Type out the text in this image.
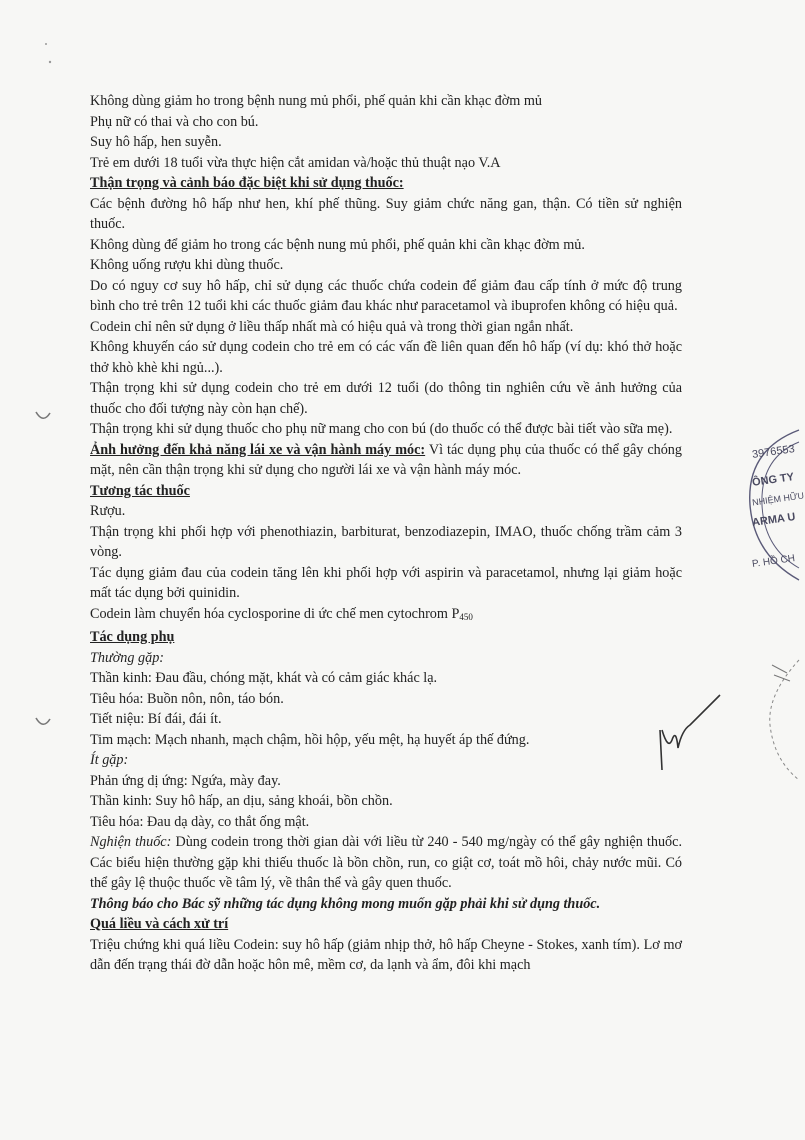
Không dùng giảm ho trong bệnh nung mủ phổi, phế quản khi cần khạc đờm mủ

Phụ nữ có thai và cho con bú.

Suy hô hấp, hen suyễn.

Trẻ em dưới 18 tuổi vừa thực hiện cắt amidan và/hoặc thủ thuật nạo V.A

Thận trọng và cảnh báo đặc biệt khi sử dụng thuốc:

Các bệnh đường hô hấp như hen, khí phế thũng. Suy giảm chức năng gan, thận. Có tiền sử nghiện thuốc.

Không dùng để giảm ho trong các bệnh nung mủ phổi, phế quản khi cần khạc đờm mủ.

Không uống rượu khi dùng thuốc.

Do có nguy cơ suy hô hấp, chỉ sử dụng các thuốc chứa codein để giảm đau cấp tính ở mức độ trung bình cho trẻ trên 12 tuổi khi các thuốc giảm đau khác như paracetamol và ibuprofen không có hiệu quả.

Codein chỉ nên sử dụng ở liều thấp nhất mà có hiệu quả và trong thời gian ngắn nhất.

Không khuyến cáo sử dụng codein cho trẻ em có các vấn đề liên quan đến hô hấp (ví dụ: khó thở hoặc thở khò khè khi ngủ...).

Thận trọng khi sử dụng codein cho trẻ em dưới 12 tuổi (do thông tin nghiên cứu về ảnh hưởng của thuốc cho đối tượng này còn hạn chế).

Thận trọng khi sử dụng thuốc cho phụ nữ mang cho con bú (do thuốc có thể được bài tiết vào sữa mẹ).

Ảnh hưởng đến khả năng lái xe và vận hành máy móc: Vì tác dụng phụ của thuốc có thể gây chóng mặt, nên cần thận trọng khi sử dụng cho người lái xe và vận hành máy móc.

Tương tác thuốc

Rượu.

Thận trọng khi phối hợp với phenothiazin, barbiturat, benzodiazepin, IMAO, thuốc chống trầm cảm 3 vòng.

Tác dụng giảm đau của codein tăng lên khi phối hợp với aspirin và paracetamol, nhưng lại giảm hoặc mất tác dụng bởi quinidin.

Codein làm chuyển hóa cyclosporine di ức chế men cytochrom $P_{450}$

Tác dụng phụ

Thường gặp:

Thần kinh: Đau đầu, chóng mặt, khát và có cảm giác khác lạ.

Tiêu hóa: Buồn nôn, nôn, táo bón.

Tiết niệu: Bí đái, đái ít.

Tim mạch: Mạch nhanh, mạch chậm, hồi hộp, yếu mệt, hạ huyết áp thế đứng.

Ít gặp:

Phản ứng dị ứng: Ngứa, mày đay.

Thần kinh: Suy hô hấp, an dịu, sảng khoái, bồn chồn.

Tiêu hóa: Đau dạ dày, co thắt ống mật.

Nghiện thuốc: Dùng codein trong thời gian dài với liều từ 240 - 540 mg/ngày có thể gây nghiện thuốc. Các biểu hiện thường gặp khi thiếu thuốc là bồn chồn, run, co giật cơ, toát mồ hôi, chảy nước mũi. Có thể gây lệ thuộc thuốc về tâm lý, về thân thể và gây quen thuốc.

Thông báo cho Bác sỹ những tác dụng không mong muốn gặp phải khi sử dụng thuốc.

Quá liều và cách xử trí

Triệu chứng khi quá liều Codein: suy hô hấp (giảm nhịp thở, hô hấp Cheyne - Stokes, xanh tím). Lơ mơ dẫn đến trạng thái đờ dẫn hoặc hôn mê, mềm cơ, da lạnh và ẩm, đôi khi mạch

3976553
ÔNG TY
NHIỆM HỮU
ARMA U
P. HỒ CH
